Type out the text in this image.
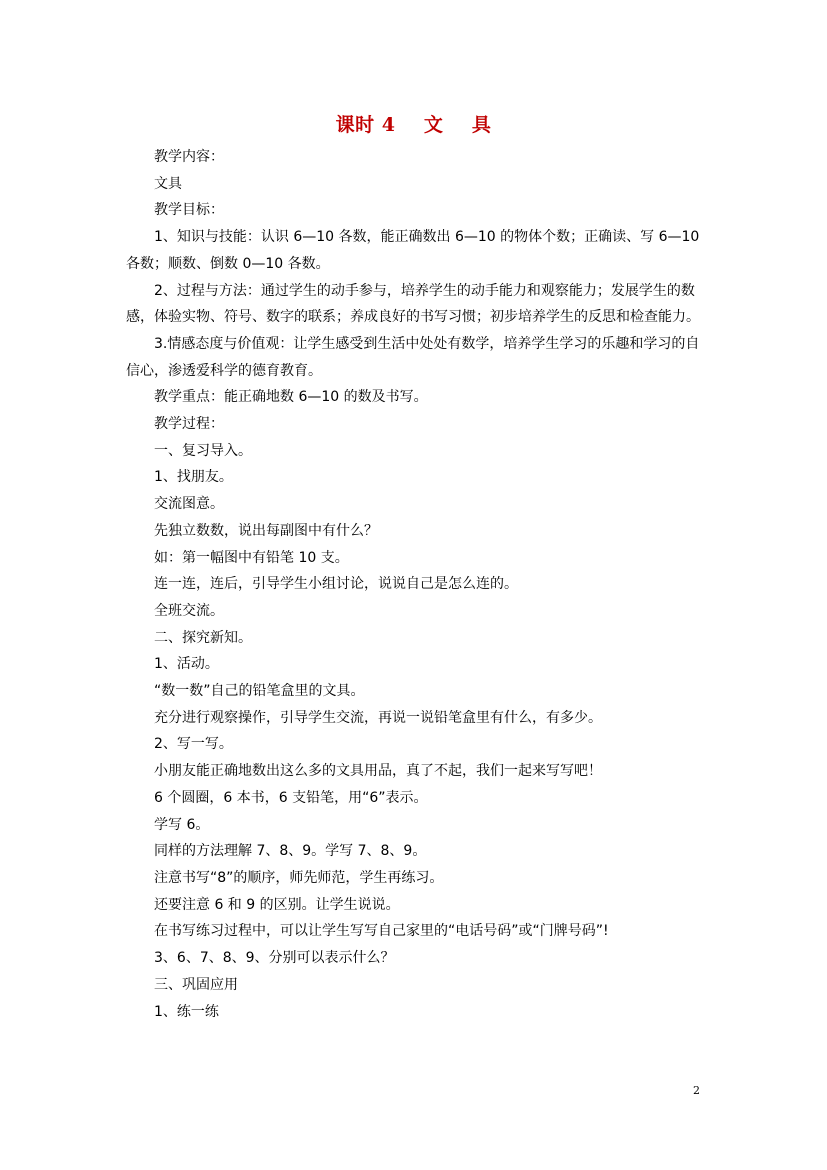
课时 4    文    具

教学内容：

文具

教学目标：

1、知识与技能：认识 6—10 各数，能正确数出 6—10 的物体个数；正确读、写 6—10 各数；顺数、倒数 0—10 各数。

2、过程与方法：通过学生的动手参与，培养学生的动手能力和观察能力；发展学生的数感，体验实物、符号、数字的联系；养成良好的书写习惯；初步培养学生的反思和检查能力。

3.情感态度与价值观：让学生感受到生活中处处有数学，培养学生学习的乐趣和学习的自信心，渗透爱科学的德育教育。

教学重点：能正确地数 6—10 的数及书写。

教学过程：

一、复习导入。

1、找朋友。

交流图意。

先独立数数，说出每副图中有什么？

如：第一幅图中有铅笔 10 支。

连一连，连后，引导学生小组讨论，说说自己是怎么连的。

全班交流。

二、探究新知。

1、活动。

“数一数”自己的铅笔盒里的文具。

充分进行观察操作，引导学生交流，再说一说铅笔盒里有什么，有多少。

2、写一写。

小朋友能正确地数出这么多的文具用品，真了不起，我们一起来写写吧！

6 个圆圈，6 本书，6 支铅笔，用“6”表示。

学写 6。

同样的方法理解 7、8、9。学写 7、8、9。

注意书写“8”的顺序，师先师范，学生再练习。

还要注意 6 和 9 的区别。让学生说说。

在书写练习过程中，可以让学生写写自己家里的“电话号码”或“门牌号码”!

3、6、7、8、9、分别可以表示什么？

三、巩固应用

1、练一练

2
